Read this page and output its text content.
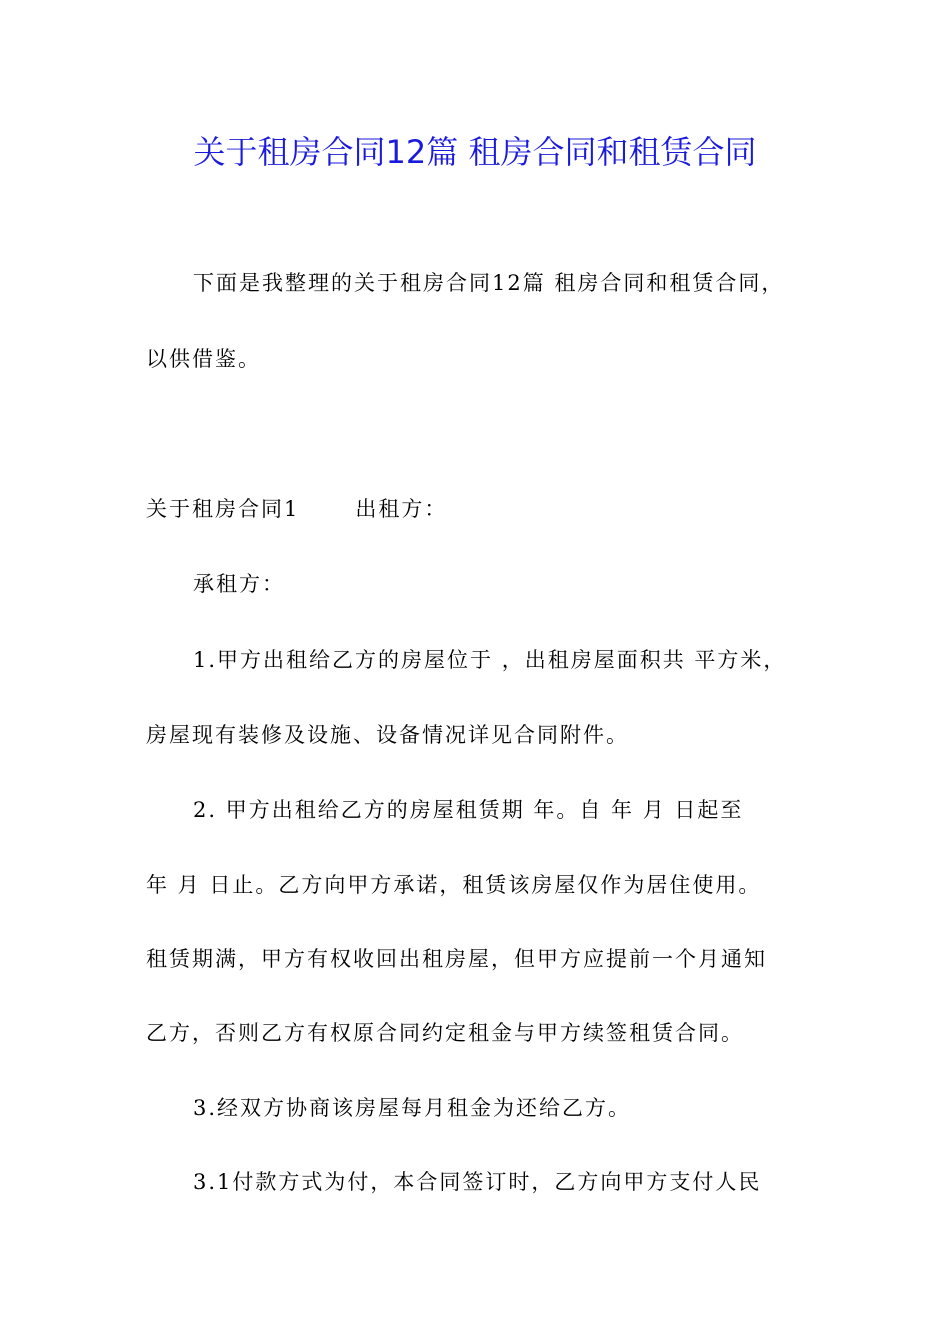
关于租房合同12篇 租房合同和租赁合同
下面是我整理的关于租房合同12篇 租房合同和租赁合同，
以供借鉴。
关于租房合同1	出租方：
承租方：
1.甲方出租给乙方的房屋位于 ，出租房屋面积共 平方米，
房屋现有装修及设施、设备情况详见合同附件。
2. 甲方出租给乙方的房屋租赁期 年。自 年 月 日起至
年 月 日止。乙方向甲方承诺，租赁该房屋仅作为居住使用。
租赁期满，甲方有权收回出租房屋，但甲方应提前一个月通知
乙方，否则乙方有权原合同约定租金与甲方续签租赁合同。
3.经双方协商该房屋每月租金为还给乙方。
3.1付款方式为付，本合同签订时，乙方向甲方支付人民
